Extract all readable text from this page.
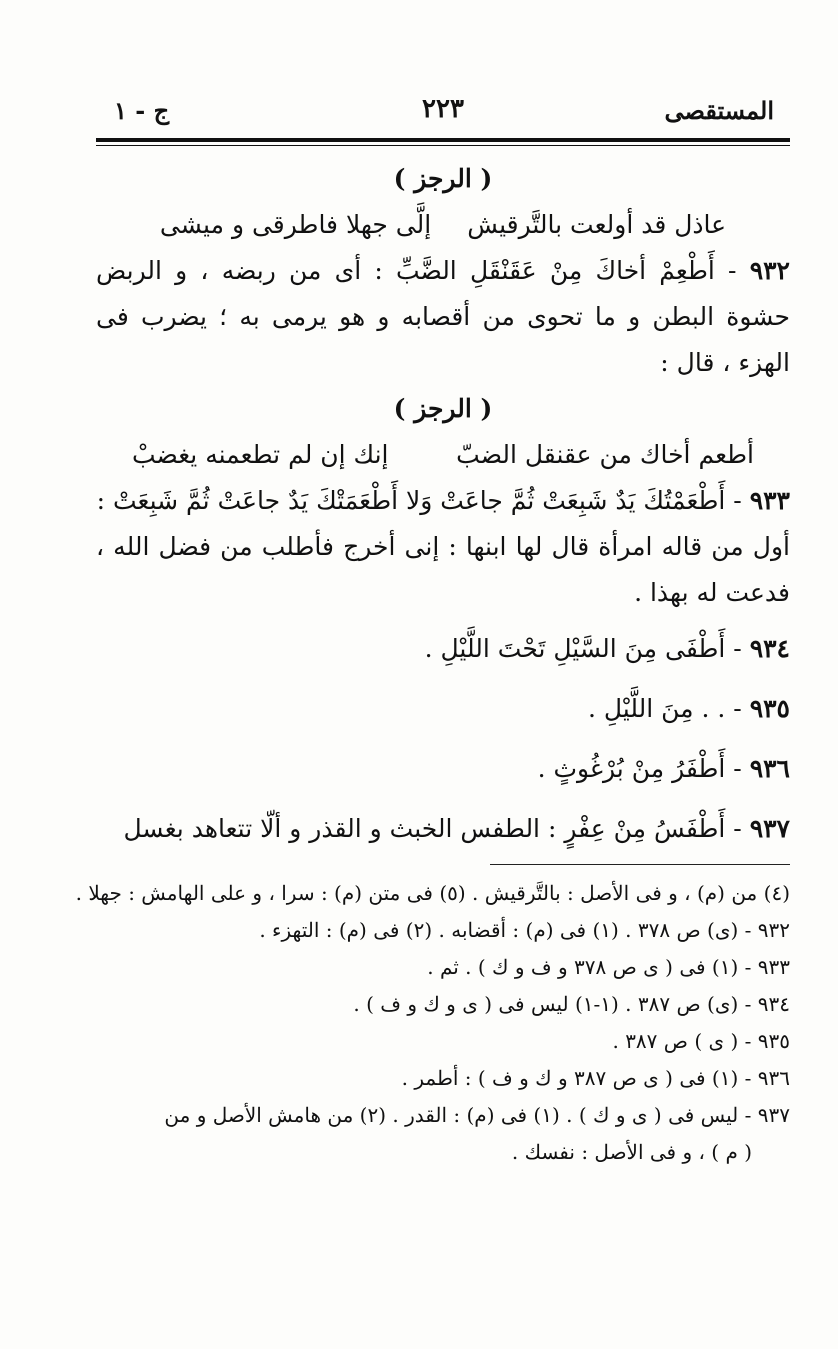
المستقصى
٢٢٣
ج - ١
( الرجز )
عاذل قد أولعت بالتَّرقيش
إلَّى جهلا فاطرقى و ميشى
٩٣٢ - أَطْعِمْ أخاكَ مِنْ عَقَنْقَلِ الضَّبِّ : أى من ربضه ، و الربض حشوة البطن و ما تحوى من أقصابه و هو يرمى به ؛ يضرب فى الهزء ، قال :
( الرجز )
أطعم أخاك من عقنقل الضبّ
إنك إن لم تطعمنه يغضبْ
٩٣٣ - أَطْعَمْتُكَ يَدٌ شَبِعَتْ ثُمَّ جاعَتْ وَلا أَطْعَمَتْكَ يَدٌ جاعَتْ ثُمَّ شَبِعَتْ :
أول من قاله امرأة قال لها ابنها : إنى أخرج فأطلب من فضل الله ، فدعت له بهذا .
٩٣٤ - أَطْفَى مِنَ السَّيْلِ تَحْتَ اللَّيْلِ .
٩٣٥ - . . مِنَ اللَّيْلِ .
٩٣٦ - أَطْفَرُ مِنْ بُرْغُوثٍ .
٩٣٧ - أَطْفَسُ مِنْ عِفْرٍ : الطفس الخبث و القذر و ألّا تتعاهد بغسل
(٤) من (م) ، و فى الأصل : بالتَّرقيش . (٥) فى متن (م) : سرا ، و على الهامش : جهلا .
٩٣٢ - (ى) ص ٣٧٨ . (١) فى (م) : أقضابه . (٢) فى (م) : التهزء .
٩٣٣ - (١) فى ( ى ص ٣٧٨ و ف و ك ) . ثم .
٩٣٤ - (ى) ص ٣٨٧ . (١-١) ليس فى ( ى و ك و ف ) .
٩٣٥ - ( ى ) ص ٣٨٧ .
٩٣٦ - (١) فى ( ى ص ٣٨٧ و ك و ف ) : أطمر .
٩٣٧ - ليس فى ( ى و ك ) . (١) فى (م) : القدر . (٢) من هامش الأصل و من
( م ) ، و فى الأصل : نفسك .
